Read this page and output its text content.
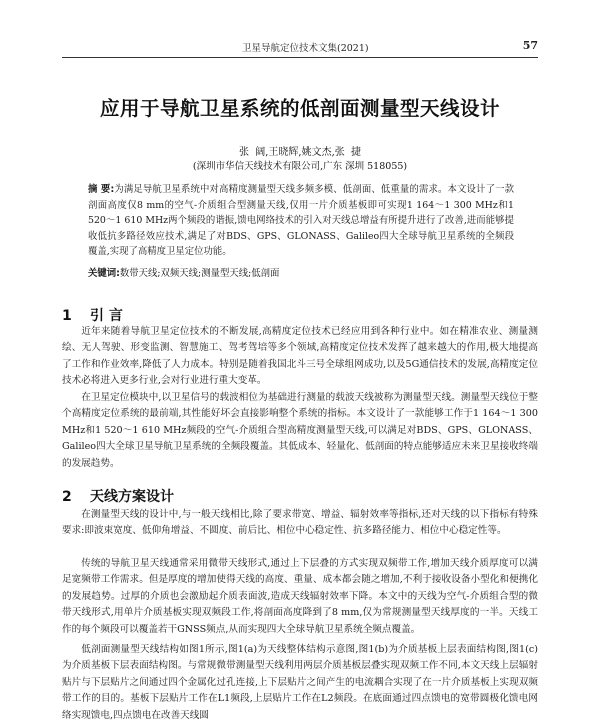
卫星导航定位技术文集(2021)	57
应用于导航卫星系统的低剖面测量型天线设计
张 阔,王晓辉,姚文杰,张 捷
(深圳市华信天线技术有限公司,广东 深圳 518055)
摘 要:为满足导航卫星系统中对高精度测量型天线多频多模、低剖面、低重量的需求。本文设计了一款剖面高度仅8 mm的空气-介质组合型测量天线,仅用一片介质基板即可实现1 164～1 300 MHz和1 520～1 610 MHz两个频段的谐振,馈电网络技术的引入对天线总增益有所提升进行了改善,进而能够提收低抗多路径效应技术,满足了对BDS、GPS、GLONASS、Galileo四大全球导航卫星系统的全频段覆盖,实现了高精度卫星定位功能。
关键词:数带天线;双频天线;测量型天线;低剖面
1 引 言

近年来随着导航卫星定位技术的不断发展,高精度定位技术已经应用到各种行业中。如在精准农业、测量测绘、无人驾驶、形变监测、智慧施工、驾考驾培等多个领域,高精度定位技术发挥了越来越大的作用,极大地提高了工作和作业效率,降低了人力成本。特别是随着我国北斗三号全球组网成功,以及5G通信技术的发展,高精度定位技术必将进入更多行业,会对行业进行重大变革。

在卫星定位模块中,以卫星信号的载波相位为基础进行测量的载波天线被称为测量型天线。测量型天线位于整个高精度定位系统的最前端,其性能好坏会直接影响整个系统的指标。本文设计了一款能够工作于1 164～1 300 MHz和1 520～1 610 MHz频段的空气-介质组合型高精度测量型天线,可以满足对BDS、GPS、GLONASS、Galileo四大全球卫星导航卫星系统的全频段覆盖。其低成本、轻量化、低剖面的特点能够适应未来卫星接收终端的发展趋势。

2 天线方案设计

在测量型天线的设计中,与一般天线相比,除了要求带宽、增益、辐射效率等指标,还对天线的以下指标有特殊要求:即波束宽度、低仰角增益、不圆度、前后比、相位中心稳定性、抗多路径能力、相位中心稳定性等。

传统的导航卫星天线通常采用微带天线形式,通过上下层叠的方式实现双频带工作,增加天线介质厚度可以满足宽频带工作需求。但是厚度的增加使得天线的高度、重量、成本都会随之增加,不利于接收设备小型化和便携化的发展趋势。过厚的介质也会激励起介质表面波,造成天线辐射效率下降。本文中的天线为空气-介质组合型的微带天线形式,用单片介质基板实现双频段工作,将剖面高度降到了8 mm,仅为常规测量型天线厚度的一半。天线工作的每个频段可以覆盖若干GNSS频点,从而实现四大全球导航卫星系统全频点覆盖。

低剖面测量型天线结构如图1所示,图1(a)为天线整体结构示意图,图1(b)为介质基板上层表面结构图,图1(c)为介质基板下层表面结构图。与常规微带测量型天线利用两层介质基板层叠实现双频工作不同,本文天线上层辐射贴片与下层贴片之间通过四个金属化过孔连接,上下层贴片之间产生的电流耦合实现了在一片介质基板上实现双频带工作的目的。基板下层贴片工作在L1频段,上层贴片工作在L2频段。在底面通过四点馈电的宽带圆极化馈电网络实现馈电,四点馈电在改善天线圆
